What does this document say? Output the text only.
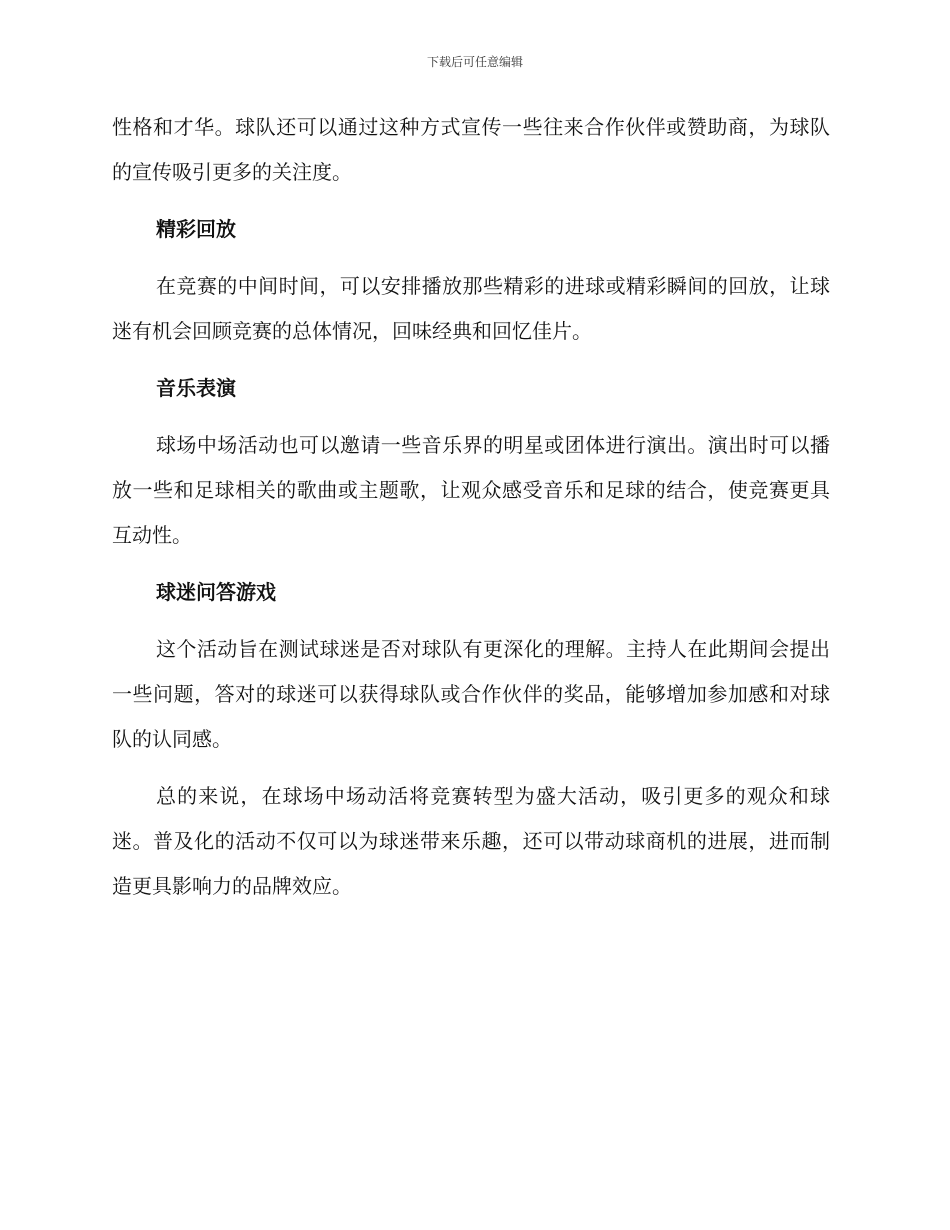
下载后可任意编辑

性格和才华。球队还可以通过这种方式宣传一些往来合作伙伴或赞助商，为球队的宣传吸引更多的关注度。

精彩回放

在竞赛的中间时间，可以安排播放那些精彩的进球或精彩瞬间的回放，让球迷有机会回顾竞赛的总体情况，回味经典和回忆佳片。

音乐表演

球场中场活动也可以邀请一些音乐界的明星或团体进行演出。演出时可以播放一些和足球相关的歌曲或主题歌，让观众感受音乐和足球的结合，使竞赛更具互动性。

球迷问答游戏

这个活动旨在测试球迷是否对球队有更深化的理解。主持人在此期间会提出一些问题，答对的球迷可以获得球队或合作伙伴的奖品，能够增加参加感和对球队的认同感。

总的来说，在球场中场动活将竞赛转型为盛大活动，吸引更多的观众和球迷。普及化的活动不仅可以为球迷带来乐趣，还可以带动球商机的进展，进而制造更具影响力的品牌效应。
